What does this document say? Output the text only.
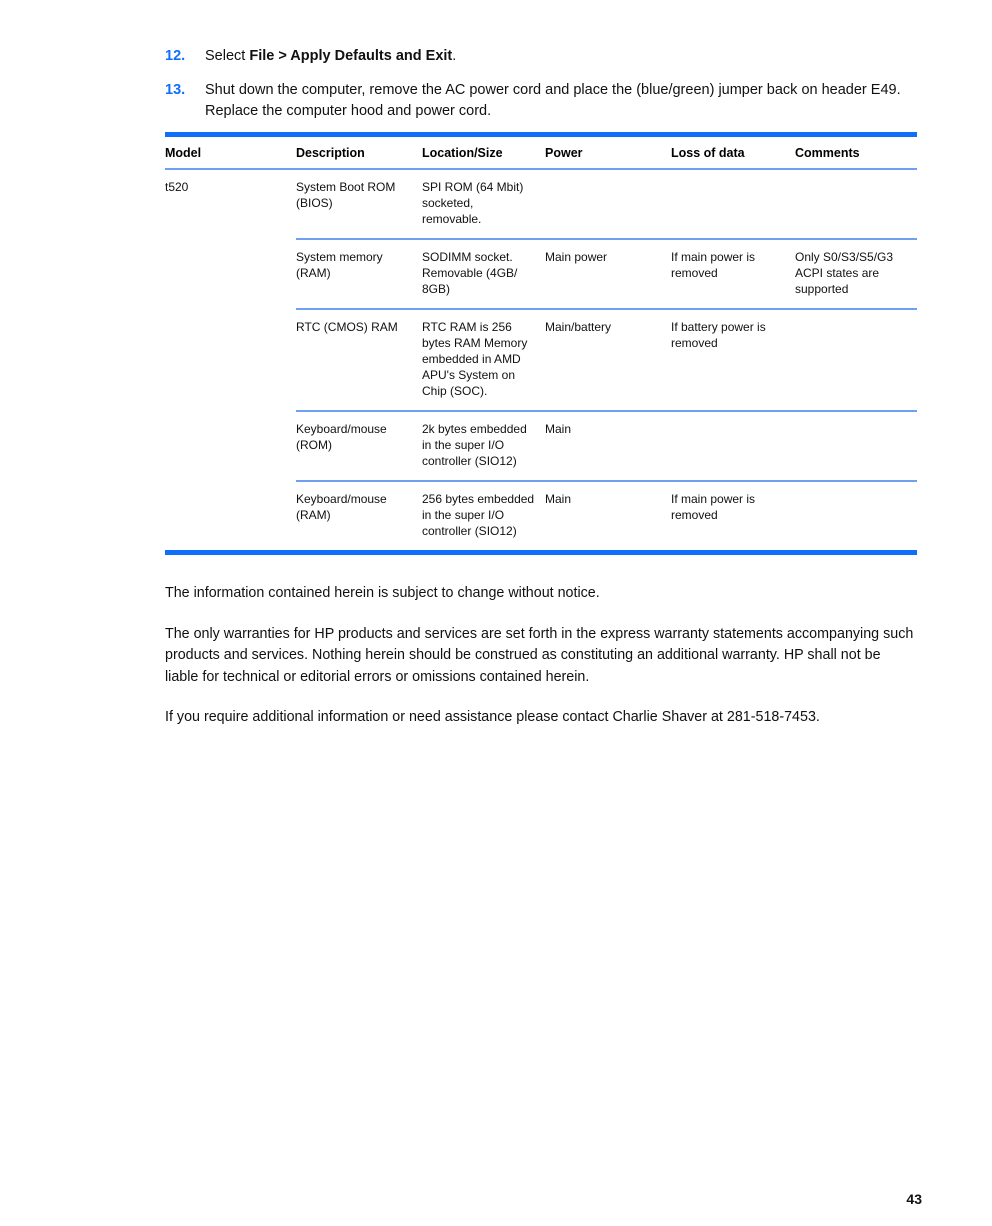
12.	Select File > Apply Defaults and Exit.
13.	Shut down the computer, remove the AC power cord and place the (blue/green) jumper back on header E49. Replace the computer hood and power cord.
Model	Description	Location/Size	Power	Loss of data	Comments
t520	System Boot ROM (BIOS)	SPI ROM (64 Mbit) socketed, removable.			
	System memory (RAM)	SODIMM socket. Removable (4GB/ 8GB)	Main power	If main power is removed	Only S0/S3/S5/G3 ACPI states are supported
	RTC (CMOS) RAM	RTC RAM is 256 bytes RAM Memory embedded in AMD APU's System on Chip (SOC).	Main/battery	If battery power is removed	
	Keyboard/mouse (ROM)	2k bytes embedded in the super I/O controller (SIO12)	Main		
	Keyboard/mouse (RAM)	256 bytes embedded in the super I/O controller (SIO12)	Main	If main power is removed	

The information contained herein is subject to change without notice.

The only warranties for HP products and services are set forth in the express warranty statements accompanying such products and services. Nothing herein should be construed as constituting an additional warranty. HP shall not be liable for technical or editorial errors or omissions contained herein.

If you require additional information or need assistance please contact Charlie Shaver at 281-518-7453.

43
